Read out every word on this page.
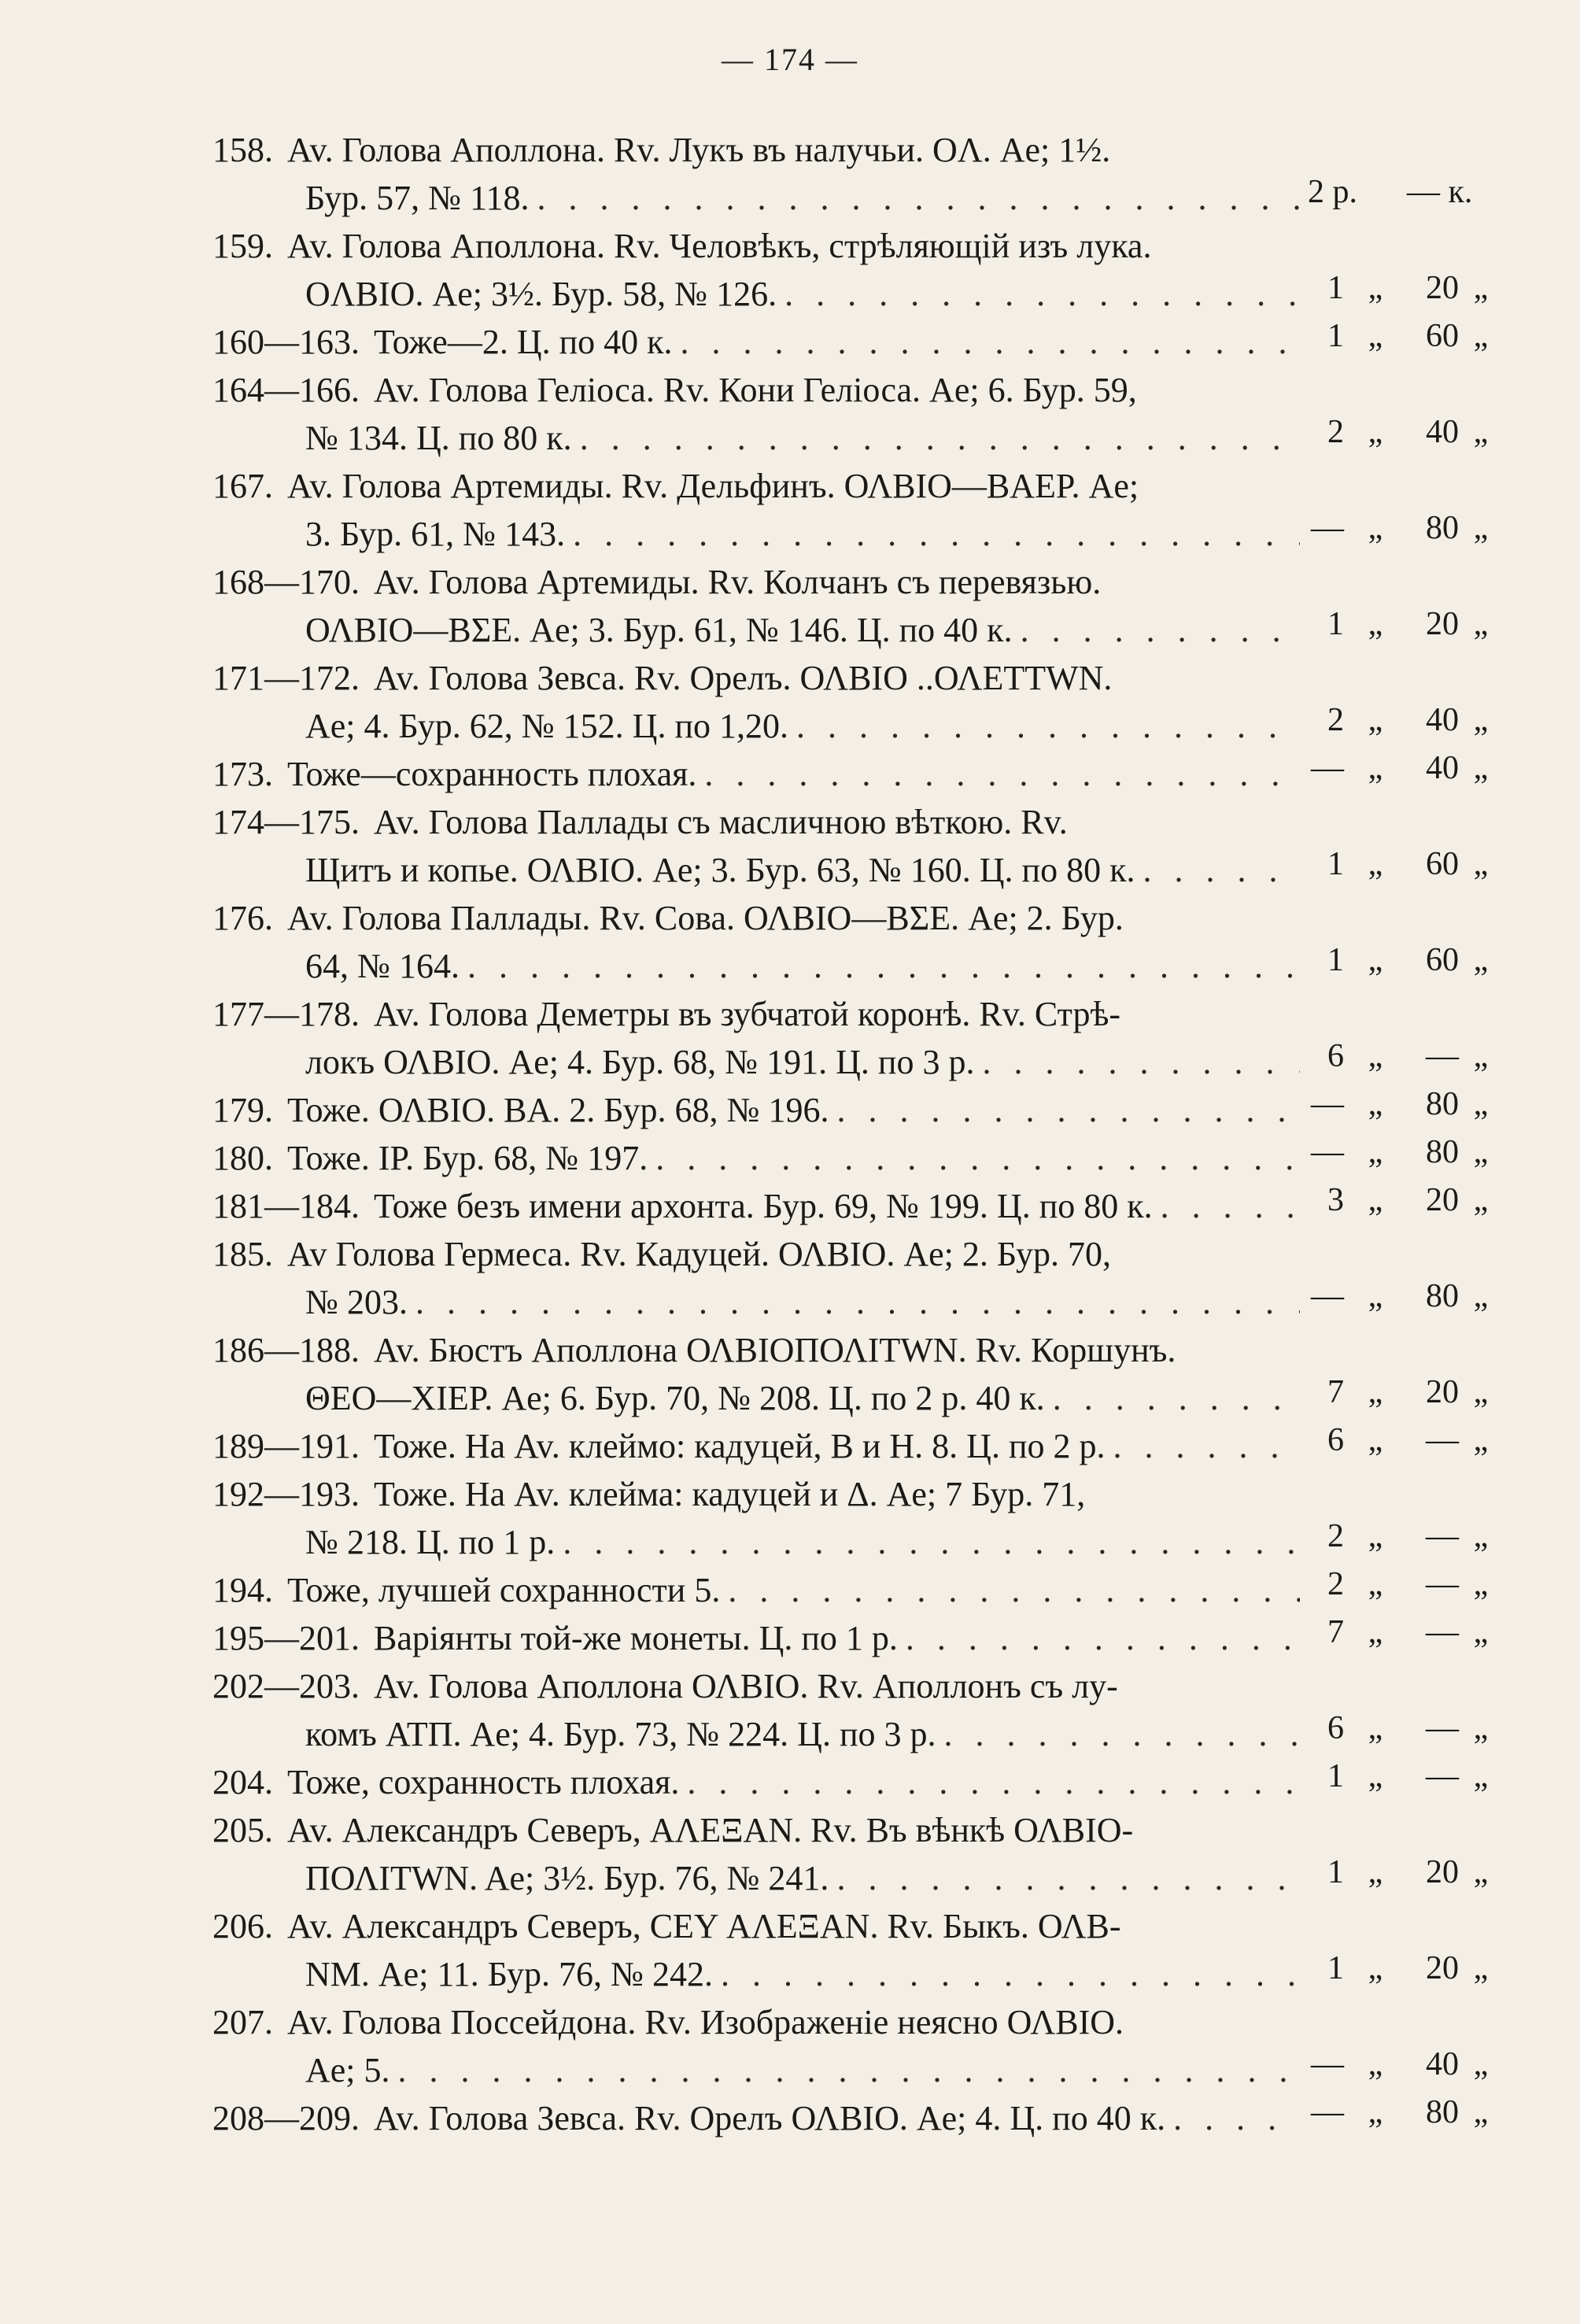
— 174 —
158. Av. Голова Аполлона. Rv. Лукъ въ налучьи. ОΛ. Ae; 1½.
Бур. 57, № 118. . . .	2 р. — к.
159. Av. Голова Аполлона. Rv. Человѣкъ, стрѣляющій изъ лука.
ОΛΒΙΟ. Ae; 3½. Бур. 58, № 126. . . .	1 „	20 „
160—163. Тоже—2. Ц. по 40 к. . . .	1 „	60 „
164—166. Av. Голова Геліоса. Rv. Кони Геліоса. Ae; 6. Бур. 59,
№ 134. Ц. по 80 к. . . .	2 „	40 „
167. Av. Голова Артемиды. Rv. Дельфинъ. ΟΛΒΙΟ—ΒΑΕΡ. Ae;
3. Бур. 61, № 143. . . .	— „	80 „
168—170. Av. Голова Артемиды. Rv. Колчанъ съ перевязью.
ΟΛΒΙΟ—ΒΣΕ. Ae; 3. Бур. 61, № 146. Ц. по 40 к. . . .	1 „	20 „
171—172. Av. Голова Зевса. Rv. Орелъ. ΟΛΒΙΟ ..ΟΛΕΤΤWN.
Ae; 4. Бур. 62, № 152. Ц. по 1,20. . . .	2 „	40 „
173. Тоже—сохранность плохая. . . .	— „	40 „
174—175. Av. Голова Паллады съ масличною вѣткою. Rv.
Щитъ и копье. ΟΛΒΙΟ. Ae; 3. Бур. 63, № 160. Ц. по 80 к. . . .	1 „	60 „
176. Av. Голова Паллады. Rv. Сова. ΟΛΒΙΟ—ΒΣΕ. Ae; 2. Бур.
64, № 164. . . .	1 „	60 „
177—178. Av. Голова Деметры въ зубчатой коронѣ. Rv. Стрѣ-
локъ ΟΛΒΙΟ. Ae; 4. Бур. 68, № 191. Ц. по 3 р. . . .	6 „	— „
179. Тоже. ΟΛΒΙΟ. ΒΑ. 2. Бур. 68, № 196. . . .	— „	80 „
180. Тоже. ΙΡ. Бур. 68, № 197. . . .	— „	80 „
181—184. Тоже безъ имени архонта. Бур. 69, № 199. Ц. по 80 к. . . .	3 „	20 „
185. Av Голова Гермеса. Rv. Кадуцей. ΟΛΒΙΟ. Ae; 2. Бур. 70,
№ 203. . . .	— „	80 „
186—188. Av. Бюстъ Аполлона ΟΛΒΙΟΠΟΛΙΤWN. Rv. Коршунъ.
ΘΕΟ—ΧΙΕΡ. Ae; 6. Бур. 70, № 208. Ц. по 2 р. 40 к. . . .	7 „	20 „
189—191. Тоже. На Av. клеймо: кадуцей, В и Н. 8. Ц. по 2 р. . . .	6 „	— „
192—193. Тоже. На Av. клейма: кадуцей и Δ. Ae; 7 Бур. 71,
№ 218. Ц. по 1 р. . . .	2 „	— „
194. Тоже, лучшей сохранности 5. . . .	2 „	— „
195—201. Варіянты той-же монеты. Ц. по 1 р. . . .	7 „	— „
202—203. Av. Голова Аполлона ΟΛΒΙΟ. Rv. Аполлонъ съ лу-
комъ ΑΤΠ. Ae; 4. Бур. 73, № 224. Ц. по 3 р. . . .	6 „	— „
204. Тоже, сохранность плохая. . . .	1 „	— „
205. Av. Александръ Северъ, ΑΛΕΞΑΝ. Rv. Въ вѣнкѣ ΟΛΒΙΟ-
ΠΟΛΙΤWN. Ae; 3½. Бур. 76, № 241. . . .	1 „	20 „
206. Av. Александръ Северъ, CEY ΑΛΕΞΑΝ. Rv. Быкъ. ΟΛΒ-
ΝΜ. Ae; 11. Бур. 76, № 242. . . .	1 „	20 „
207. Av. Голова Поссейдона. Rv. Изображеніе неясно ΟΛΒΙΟ.
Ae; 5. . . .	— „	40 „
208—209. Av. Голова Зевса. Rv. Орелъ ΟΛΒΙΟ. Ae; 4. Ц. по 40 к. . . .	— „	80 „
